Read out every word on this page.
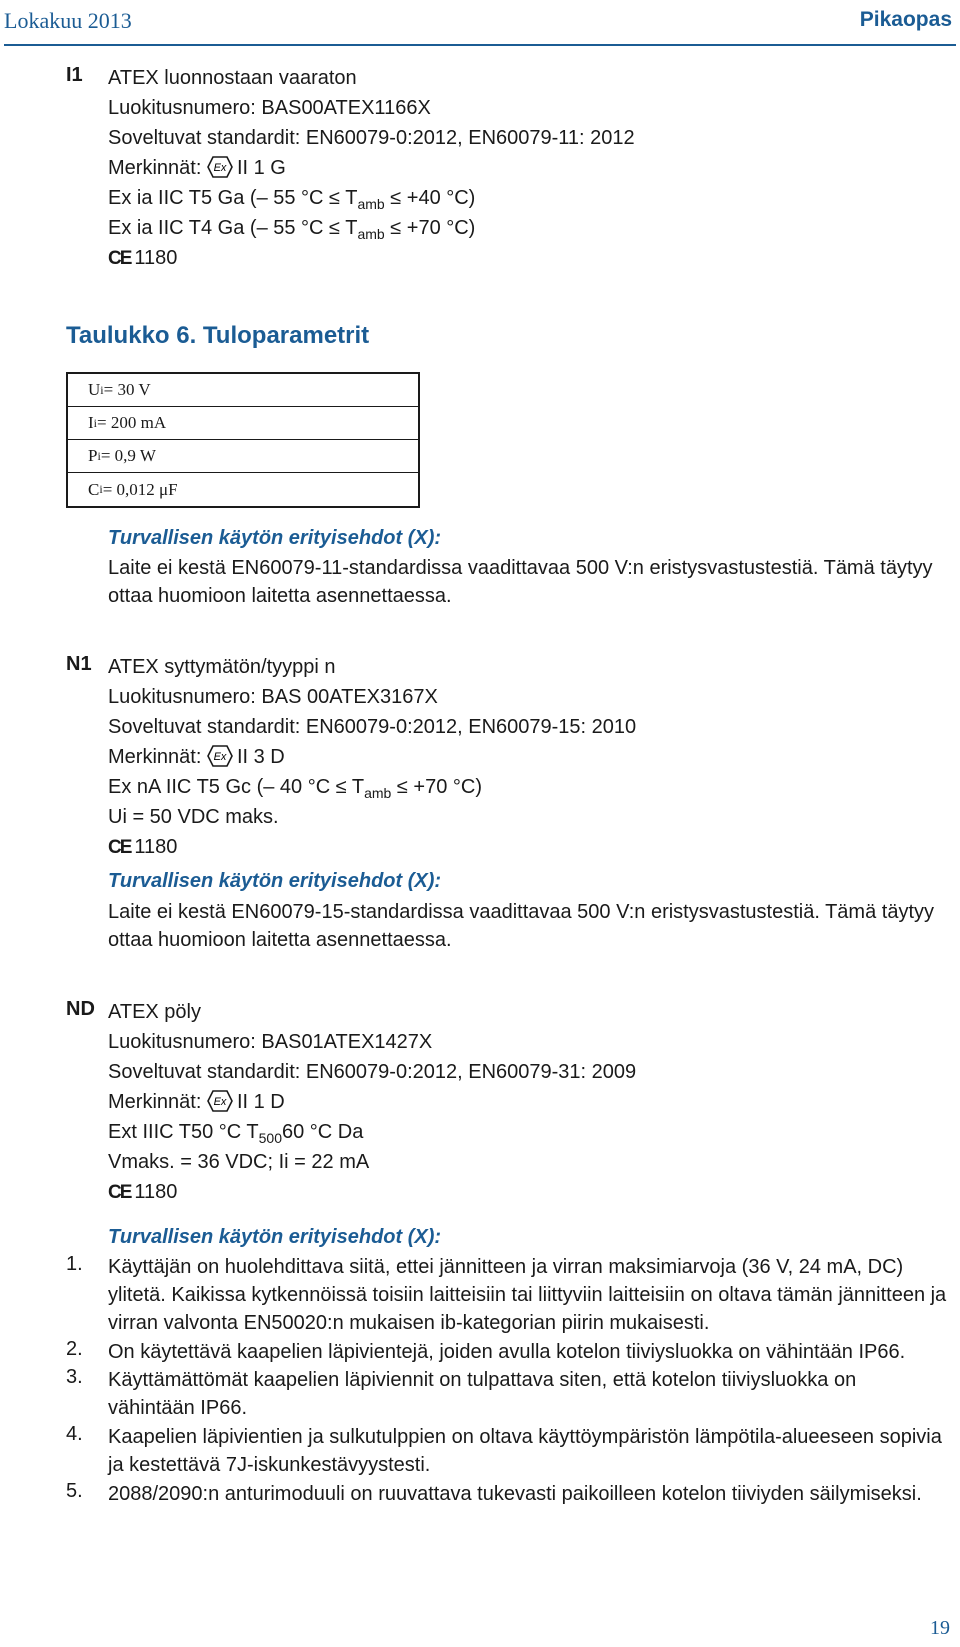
Lokakuu 2013	Pikaopas
I1 ATEX luonnostaan vaaraton
Luokitusnumero: BAS00ATEX1166X
Soveltuvat standardit: EN60079-0:2012, EN60079-11: 2012
Merkinnät: Ex II 1 G
Ex ia IIC T5 Ga (– 55 $^\circ C \le T_{amb} \le +40$ °C)
Ex ia IIC T4 Ga (– 55 $^\circ C \le T_{amb} \le +70$ °C)
CE 1180
Taulukko 6. Tuloparametrit
U i = 30 V
I i = 200 mA
P i = 0,9 W
C i = 0,012 μF
Turvallisen käytön erityisehdot (X):
Laite ei kestä EN60079-11-standardissa vaadittavaa 500 V:n eristysvastustestiä. Tämä täytyy ottaa huomioon laitetta asennettaessa.
N1 ATEX syttymätön/tyyppi n
Luokitusnumero: BAS 00ATEX3167X
Soveltuvat standardit: EN60079-0:2012, EN60079-15: 2010
Merkinnät: Ex II 3 D
Ex nA IIC T5 Gc (– 40 $^\circ C \le T_{amb} \le +70$ °C)
Ui = 50 VDC maks.
CE 1180
Turvallisen käytön erityisehdot (X):
Laite ei kestä EN60079-15-standardissa vaadittavaa 500 V:n eristysvastustestiä. Tämä täytyy ottaa huomioon laitetta asennettaessa.
ND ATEX pöly
Luokitusnumero: BAS01ATEX1427X
Soveltuvat standardit: EN60079-0:2012, EN60079-31: 2009
Merkinnät: Ex II 1 D
Ext IIIC T50 °C $T_{500}60$ °C Da
Vmaks. = 36 VDC; Ii = 22 mA
CE 1180
Turvallisen käytön erityisehdot (X):
1. Käyttäjän on huolehdittava siitä, ettei jännitteen ja virran maksimiarvoja (36 V, 24 mA, DC) ylitetä. Kaikissa kytkennöissä toisiin laitteisiin tai liittyviin laitteisiin on oltava tämän jännitteen ja virran valvonta EN50020:n mukaisen ib-kategorian piirin mukaisesti.
2. On käytettävä kaapelien läpivientejä, joiden avulla kotelon tiiviysluokka on vähintään IP66.
3. Käyttämättömät kaapelien läpiviennit on tulpattava siten, että kotelon tiiviysluokka on vähintään IP66.
4. Kaapelien läpivientien ja sulkutulppien on oltava käyttöympäristön lämpötila-alueeseen sopivia ja kestettävä 7J-iskunkestävyystesti.
5. 2088/2090:n anturimoduuli on ruuvattava tukevasti paikoilleen kotelon tiiviyden säilymiseksi.
19
